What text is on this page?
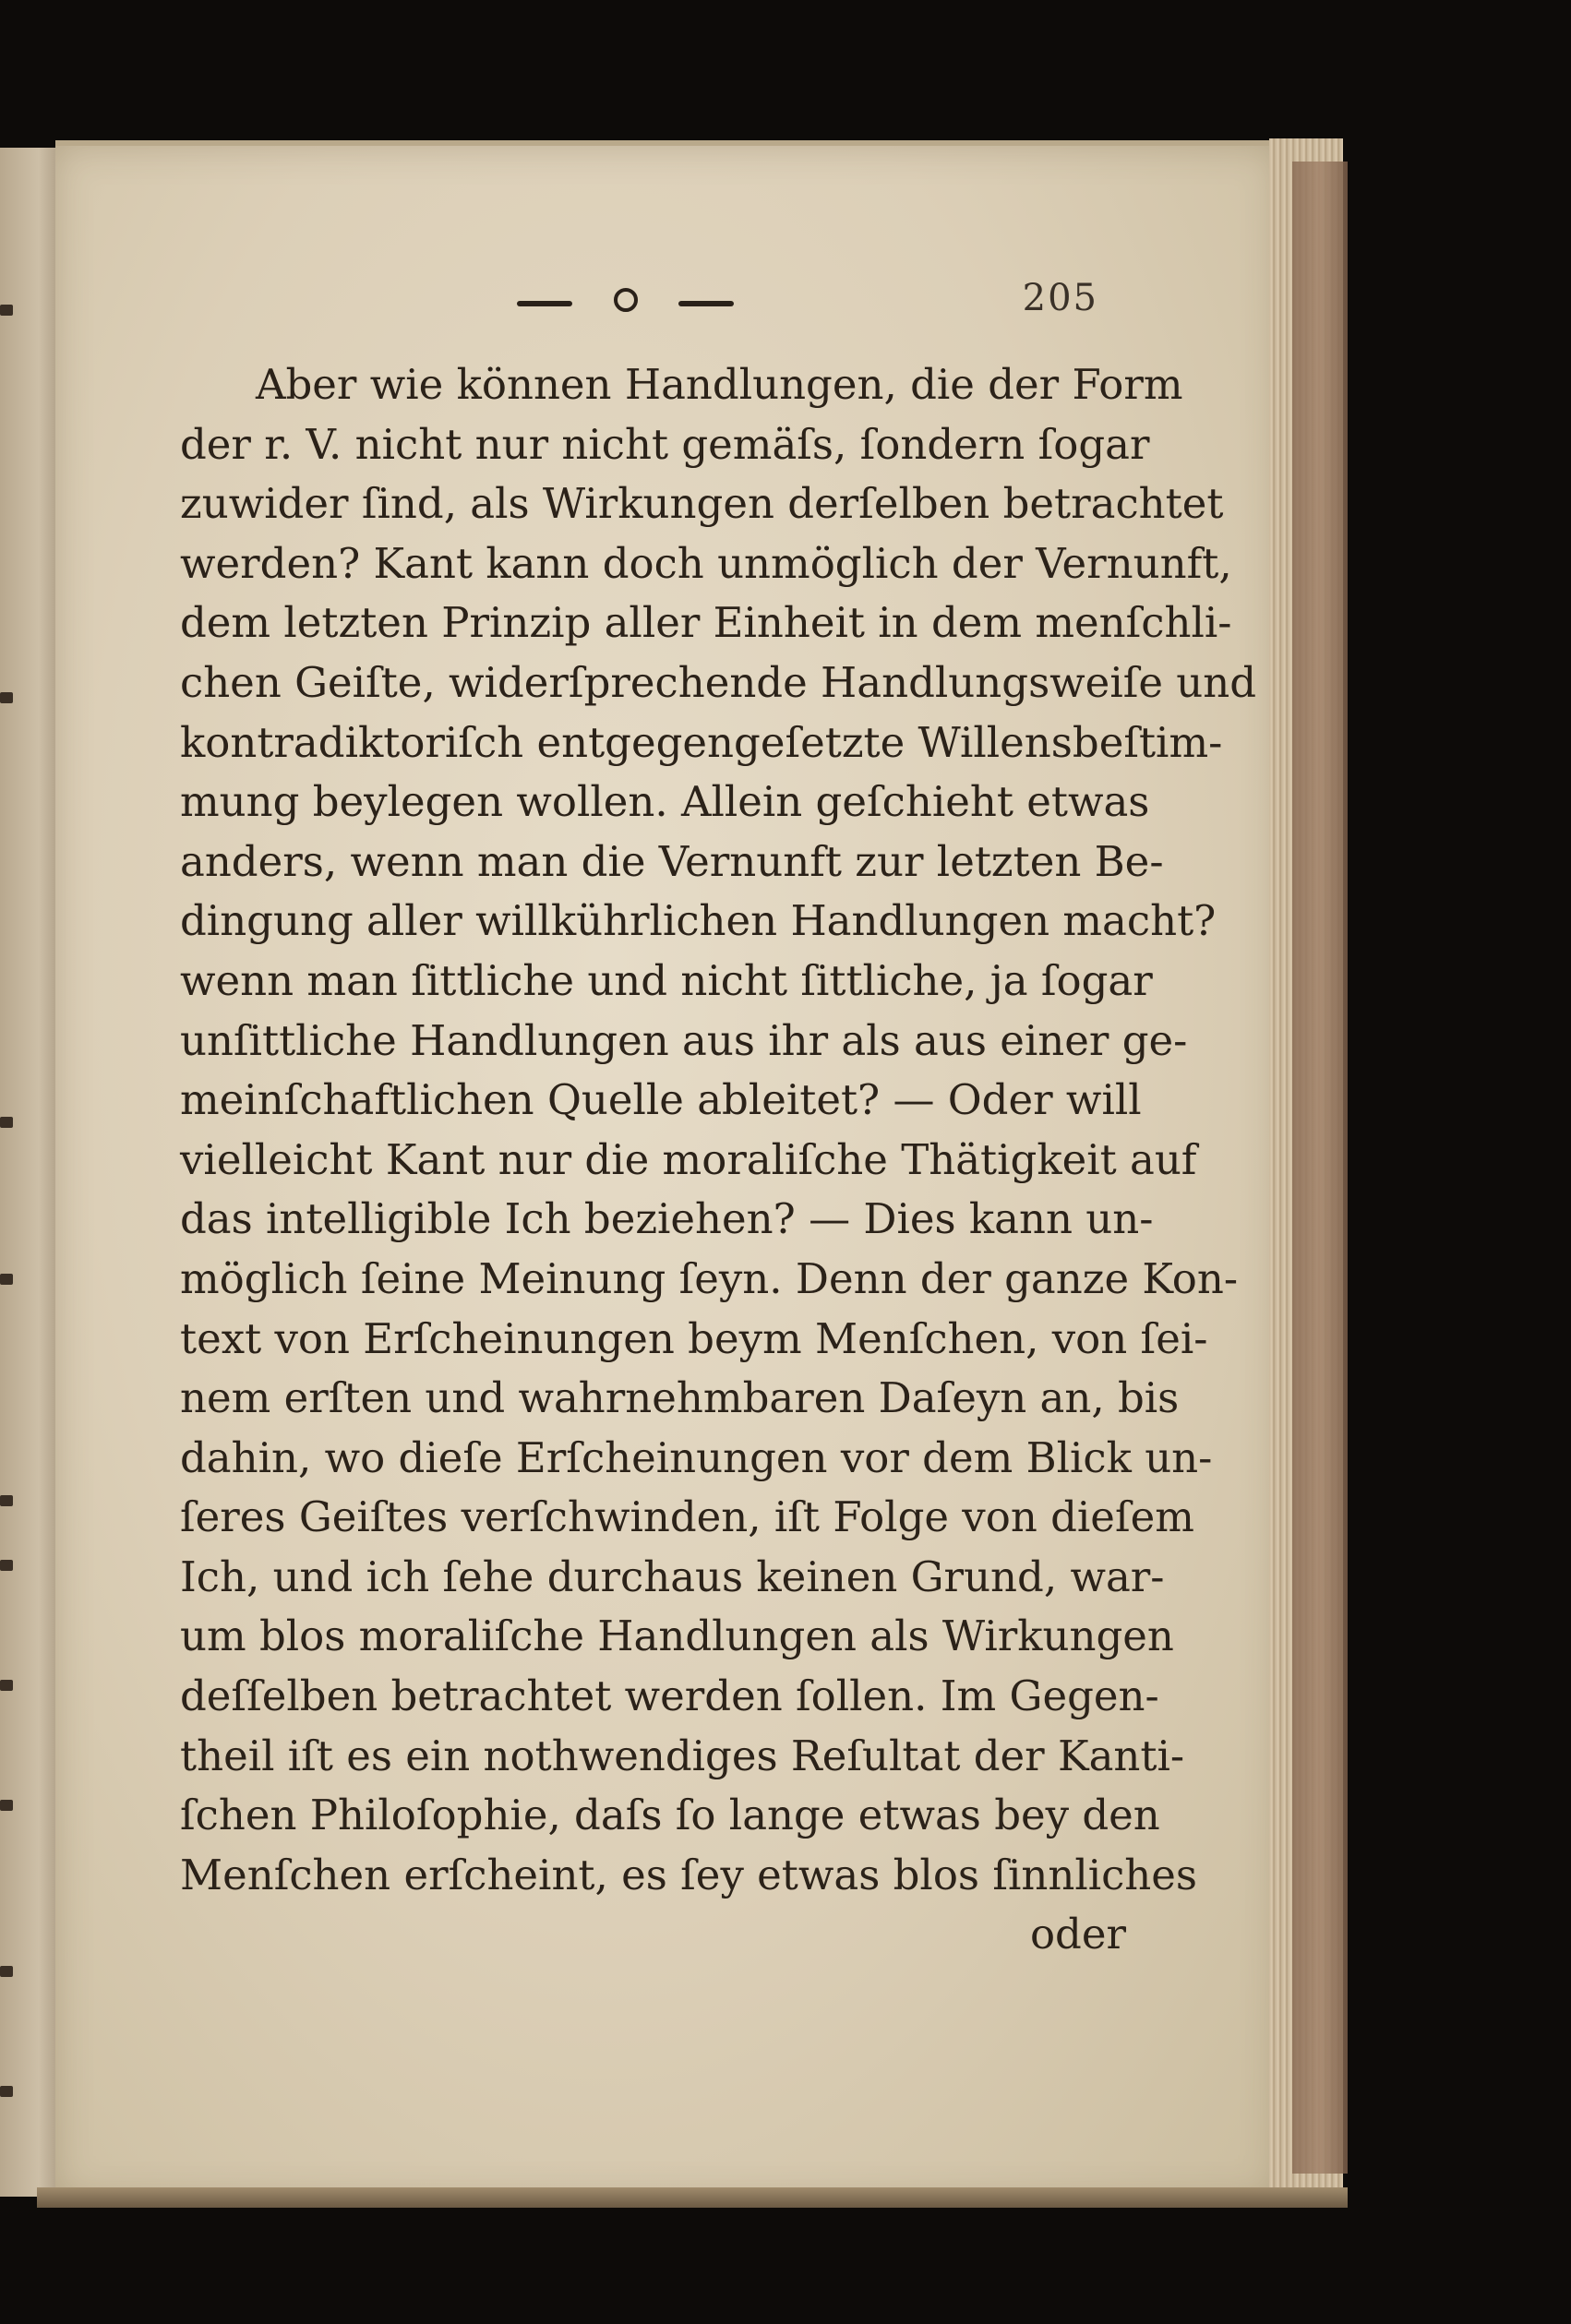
205
Aber wie können Handlungen, die der Form
der r. V. nicht nur nicht gemäſs, ſondern ſogar
zuwider ſind, als Wirkungen derſelben betrachtet
werden? Kant kann doch unmöglich der Vernunft,
dem letzten Prinzip aller Einheit in dem menſchli-
chen Geiſte, widerſprechende Handlungsweiſe und
kontradiktoriſch entgegengeſetzte Willensbeſtim-
mung beylegen wollen. Allein geſchieht etwas
anders, wenn man die Vernunft zur letzten Be-
dingung aller willkührlichen Handlungen macht?
wenn man ſittliche und nicht ſittliche, ja ſogar
unſittliche Handlungen aus ihr als aus einer ge-
meinſchaftlichen Quelle ableitet? — Oder will
vielleicht Kant nur die moraliſche Thätigkeit auf
das intelligible Ich beziehen? — Dies kann un-
möglich ſeine Meinung ſeyn. Denn der ganze Kon-
text von Erſcheinungen beym Menſchen, von ſei-
nem erſten und wahrnehmbaren Daſeyn an, bis
dahin, wo dieſe Erſcheinungen vor dem Blick un-
ſeres Geiſtes verſchwinden, iſt Folge von dieſem
Ich, und ich ſehe durchaus keinen Grund, war-
um blos moraliſche Handlungen als Wirkungen
deſſelben betrachtet werden ſollen. Im Gegen-
theil iſt es ein nothwendiges Reſultat der Kanti-
ſchen Philoſophie, daſs ſo lange etwas bey den
Menſchen erſcheint, es ſey etwas blos ſinnliches
oder
